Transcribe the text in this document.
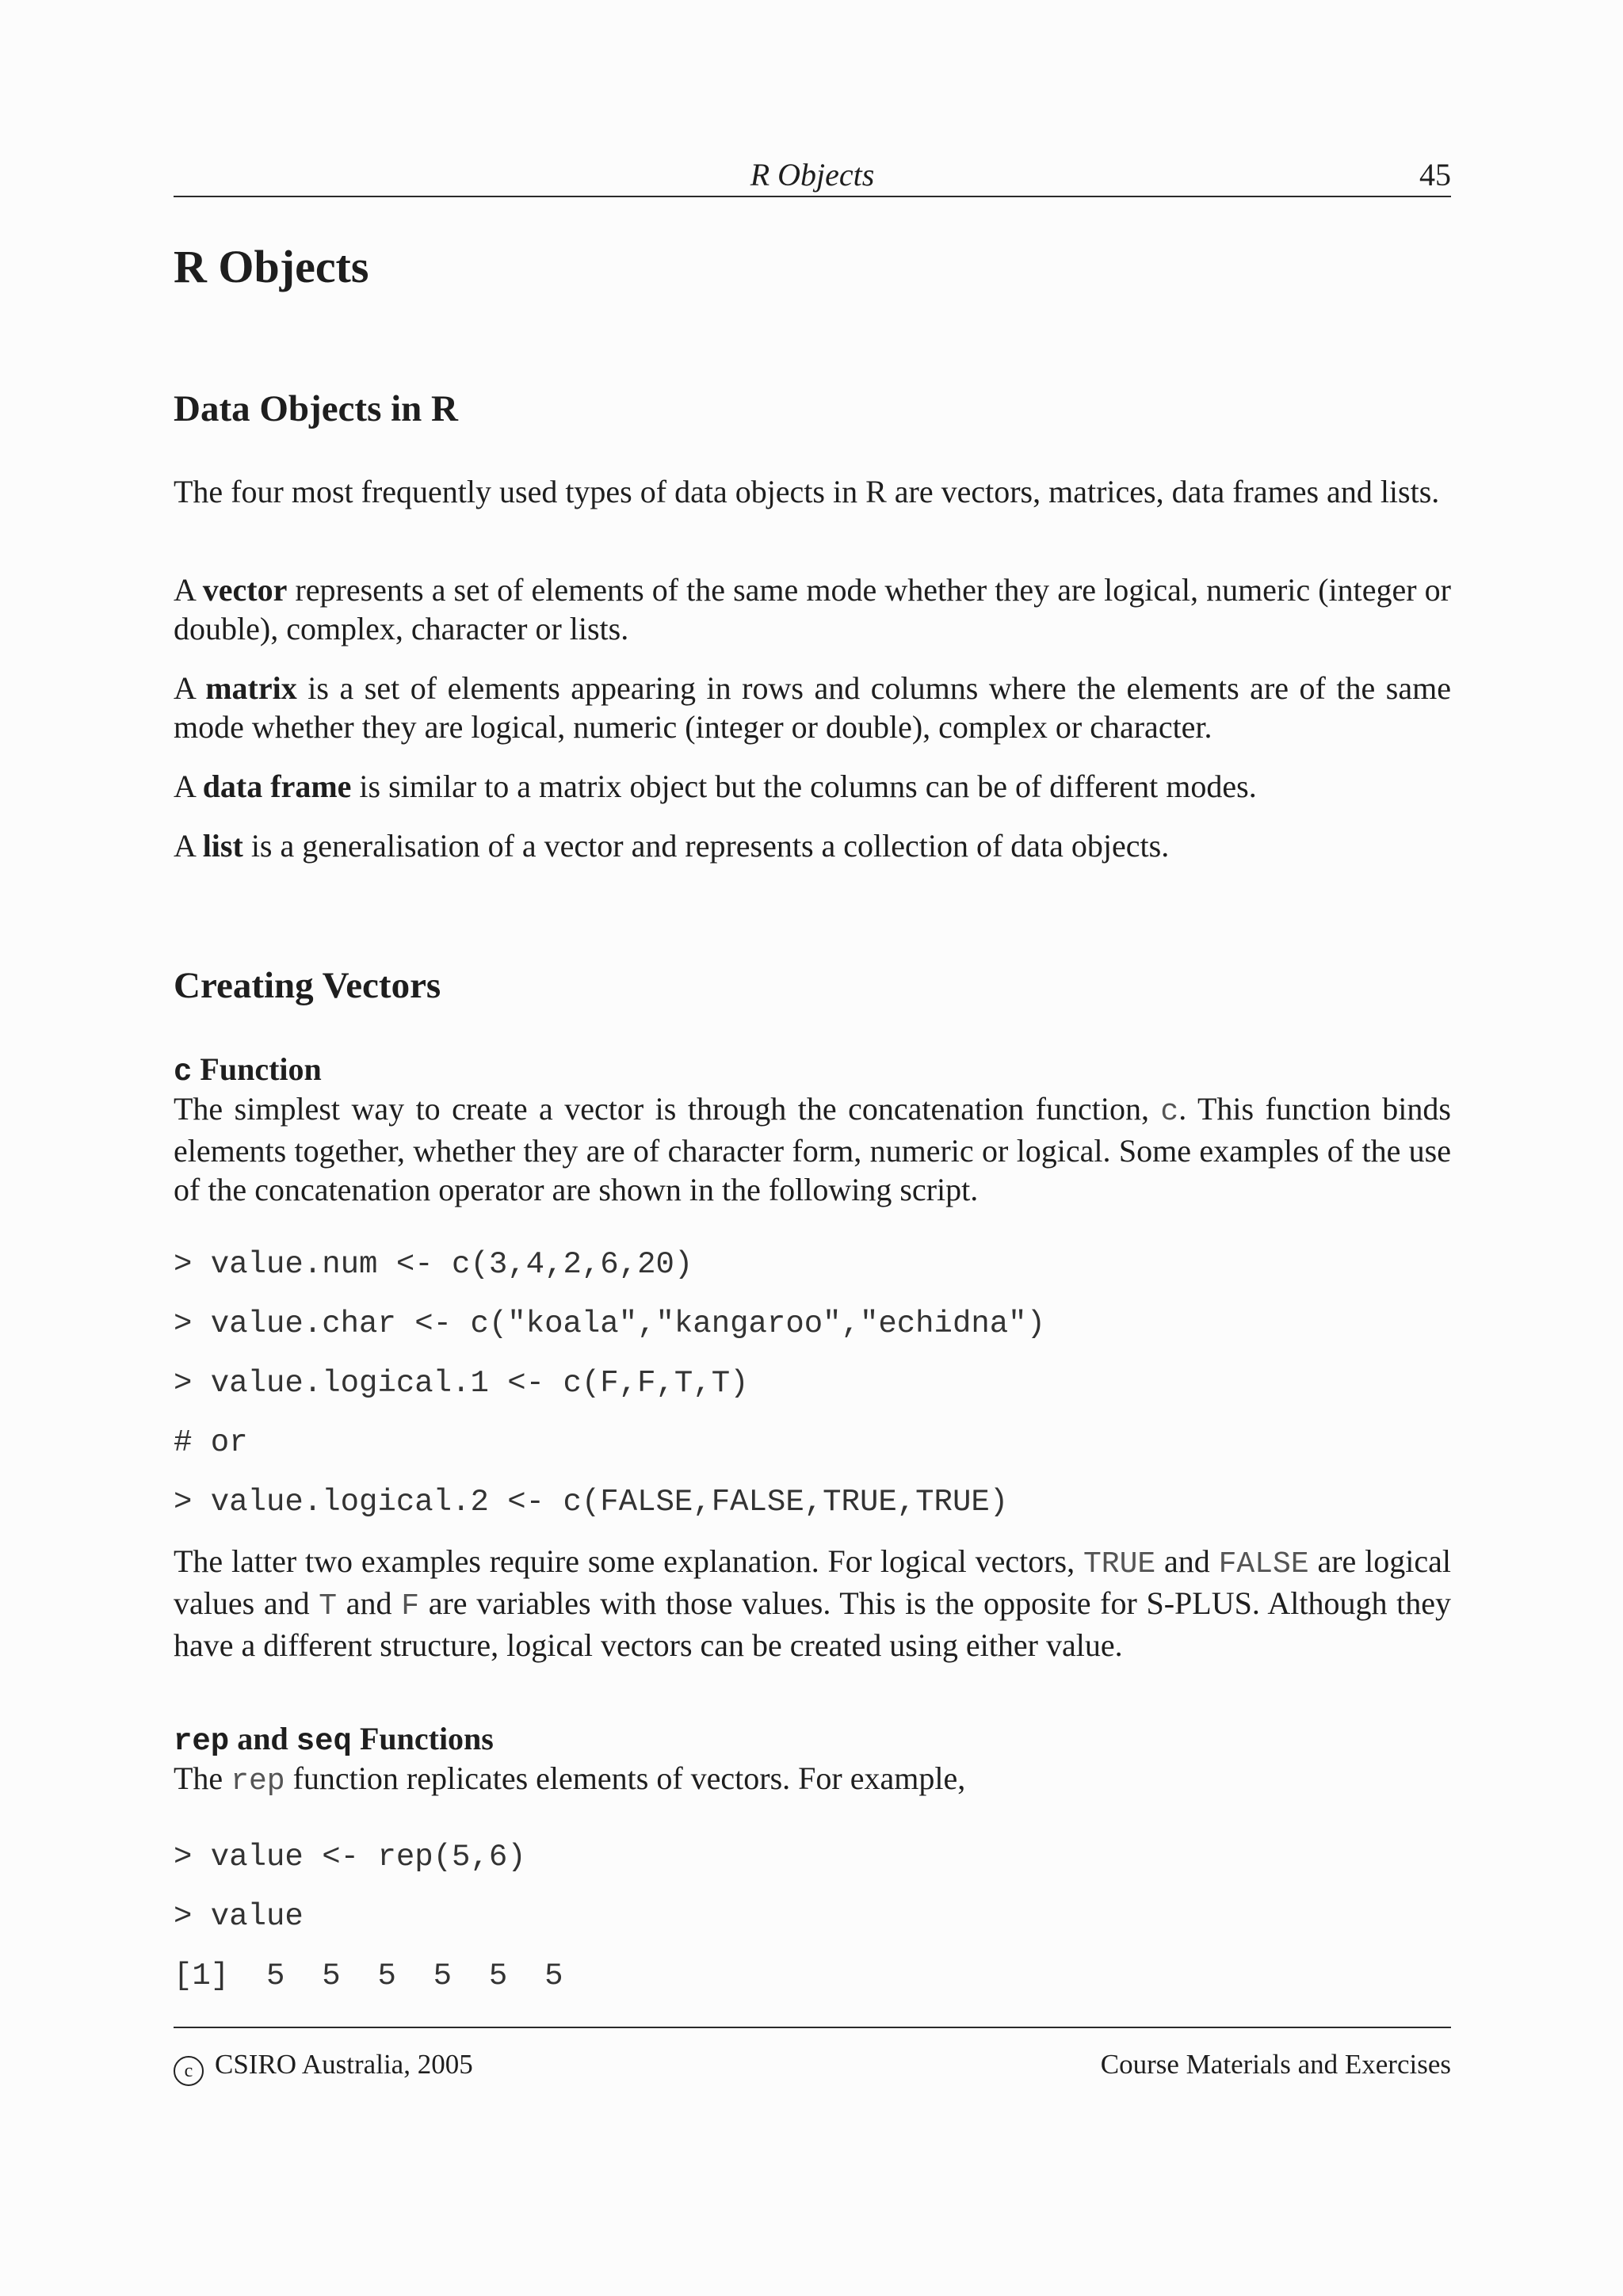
R Objects	45
R Objects
Data Objects in R

The four most frequently used types of data objects in R are vectors, matrices, data frames and lists.

A vector represents a set of elements of the same mode whether they are logical, numeric (integer or double), complex, character or lists.

A matrix is a set of elements appearing in rows and columns where the elements are of the same mode whether they are logical, numeric (integer or double), complex or character.

A data frame is similar to a matrix object but the columns can be of different modes.

A list is a generalisation of a vector and represents a collection of data objects.

Creating Vectors
c Function

The simplest way to create a vector is through the concatenation function, c. This function binds elements together, whether they are of character form, numeric or logical. Some examples of the use of the concatenation operator are shown in the following script.

> value.num <- c(3,4,2,6,20)
> value.char <- c("koala","kangaroo","echidna")
> value.logical.1 <- c(F,F,T,T)
# or
> value.logical.2 <- c(FALSE,FALSE,TRUE,TRUE)

The latter two examples require some explanation. For logical vectors, TRUE and FALSE are logical values and T and F are variables with those values. This is the opposite for S-PLUS. Although they have a different structure, logical vectors can be created using either value.

rep and seq Functions

The rep function replicates elements of vectors. For example,

> value <- rep(5,6)
> value
[1]  5  5  5  5  5  5
c CSIRO Australia, 2005	Course Materials and Exercises
